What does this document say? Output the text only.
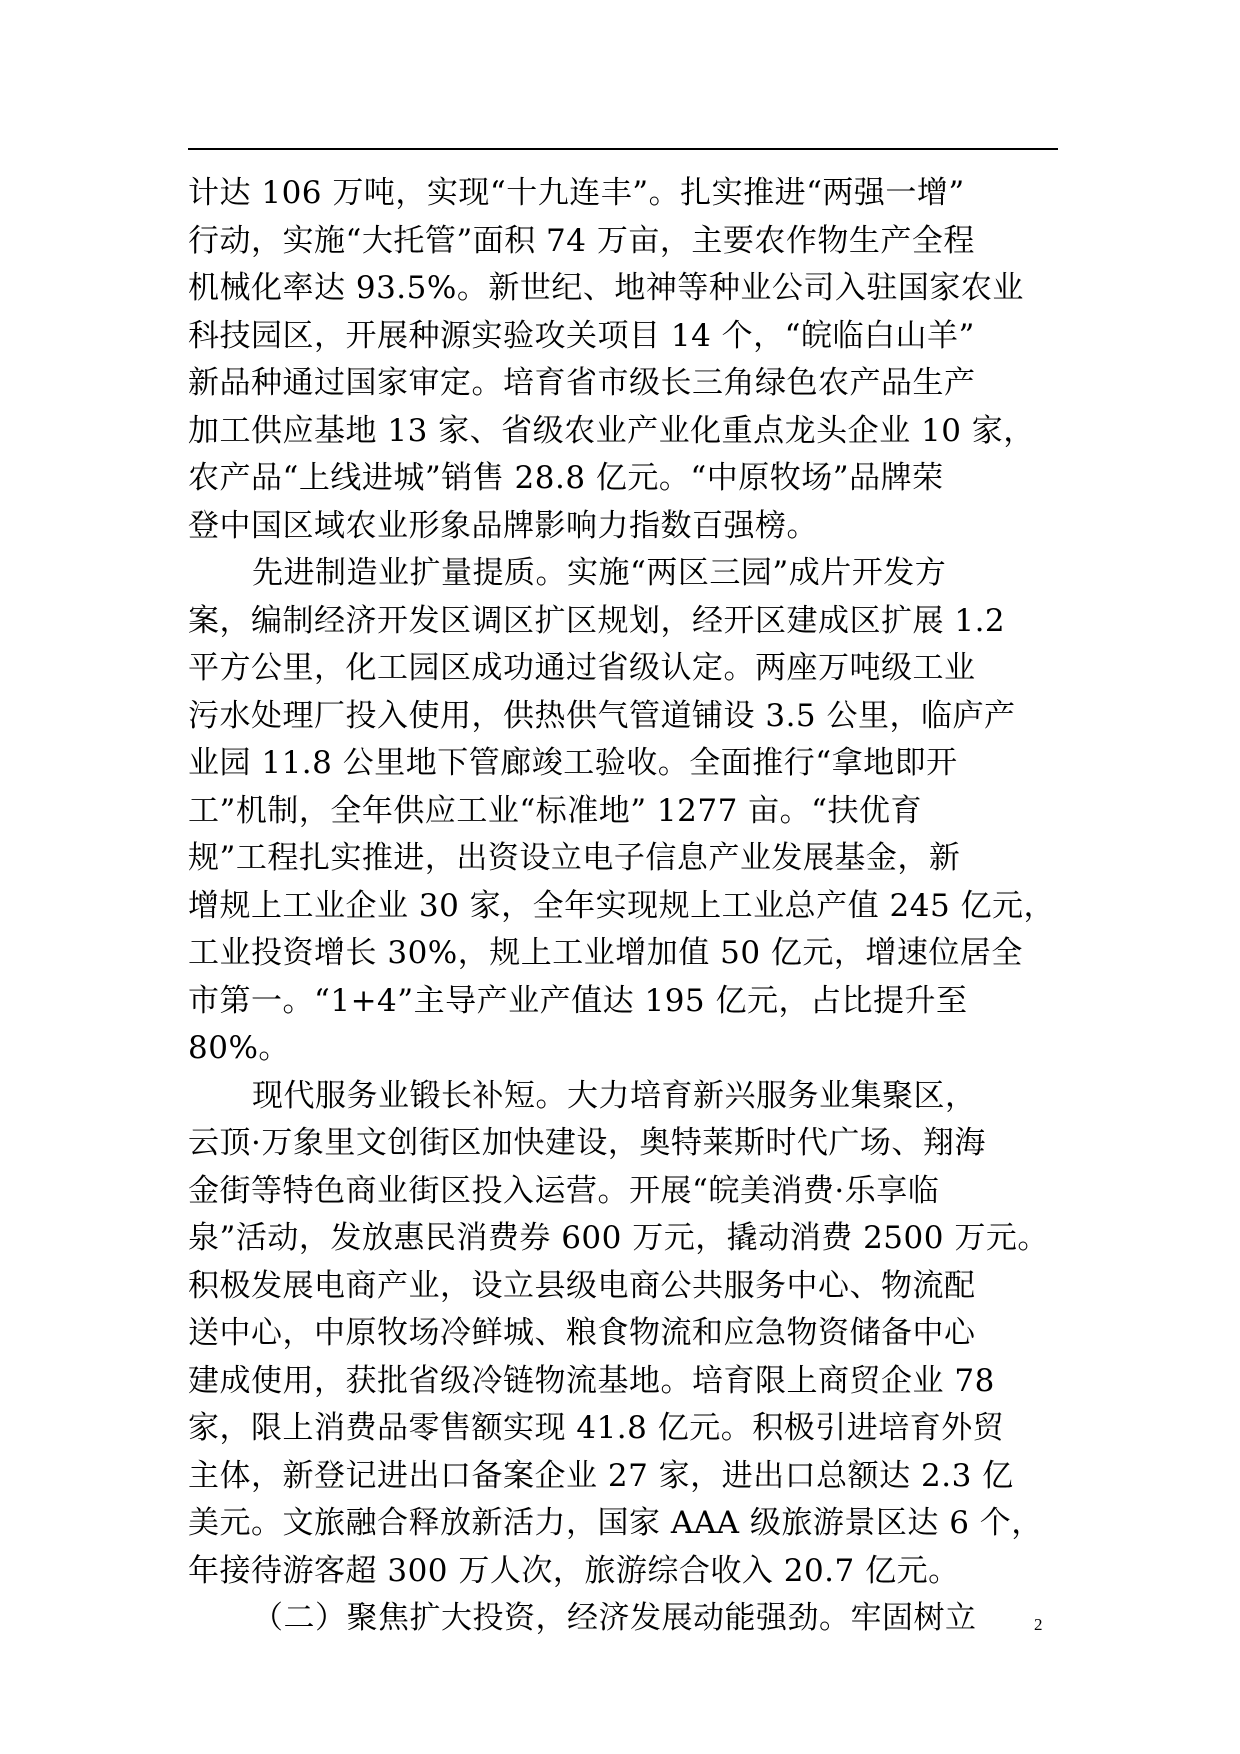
计达 106 万吨，实现“十九连丰”。扎实推进“两强一增”
行动，实施“大托管”面积 74 万亩，主要农作物生产全程
机械化率达 93.5%。新世纪、地神等种业公司入驻国家农业
科技园区，开展种源实验攻关项目 14 个，“皖临白山羊”
新品种通过国家审定。培育省市级长三角绿色农产品生产
加工供应基地 13 家、省级农业产业化重点龙头企业 10 家，
农产品“上线进城”销售 28.8 亿元。“中原牧场”品牌荣
登中国区域农业形象品牌影响力指数百强榜。
先进制造业扩量提质。实施“两区三园”成片开发方
案，编制经济开发区调区扩区规划，经开区建成区扩展 1.2
平方公里，化工园区成功通过省级认定。两座万吨级工业
污水处理厂投入使用，供热供气管道铺设 3.5 公里，临庐产
业园 11.8 公里地下管廊竣工验收。全面推行“拿地即开
工”机制，全年供应工业“标准地” 1277 亩。“扶优育
规”工程扎实推进，出资设立电子信息产业发展基金，新
增规上工业企业 30 家，全年实现规上工业总产值 245 亿元，
工业投资增长 30%，规上工业增加值 50 亿元，增速位居全
市第一。“1+4”主导产业产值达 195 亿元，占比提升至
80%。
现代服务业锻长补短。大力培育新兴服务业集聚区，
云顶·万象里文创街区加快建设，奥特莱斯时代广场、翔海
金街等特色商业街区投入运营。开展“皖美消费·乐享临
泉”活动，发放惠民消费券 600 万元，撬动消费 2500 万元。
积极发展电商产业，设立县级电商公共服务中心、物流配
送中心，中原牧场冷鲜城、粮食物流和应急物资储备中心
建成使用，获批省级冷链物流基地。培育限上商贸企业 78
家，限上消费品零售额实现 41.8 亿元。积极引进培育外贸
主体，新登记进出口备案企业 27 家，进出口总额达 2.3 亿
美元。文旅融合释放新活力，国家 AAA 级旅游景区达 6 个，
年接待游客超 300 万人次，旅游综合收入 20.7 亿元。
（二）聚焦扩大投资，经济发展动能强劲。牢固树立	2
